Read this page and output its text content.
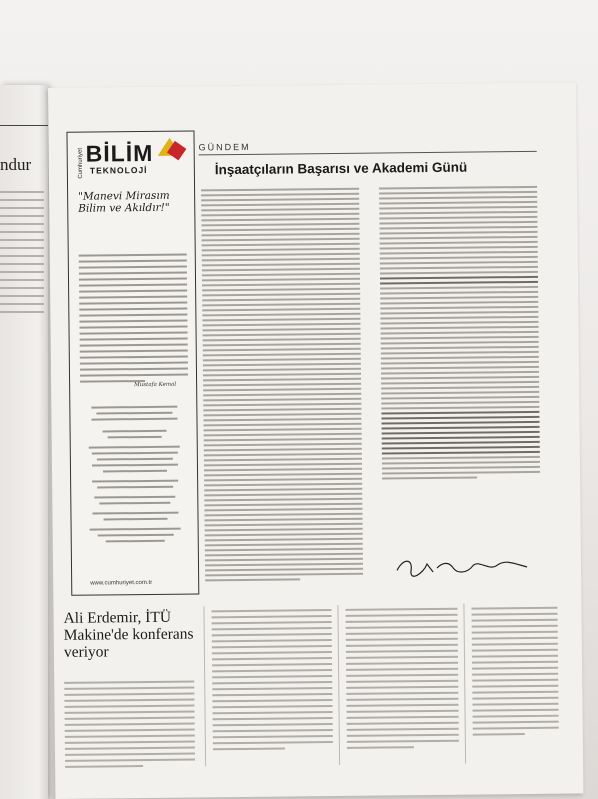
ndur	Cumhuriyet BİLİM
TEKNOLOJİ
"Manevi Mirasım Bilim ve Akıldır!"
Mustafa Kemal
www.cumhuriyet.com.tr
GÜNDEM
İnşaatçıların Başarısı ve Akademi Günü
Ali Erdemir, İTÜ Makine'de konferans veriyor
